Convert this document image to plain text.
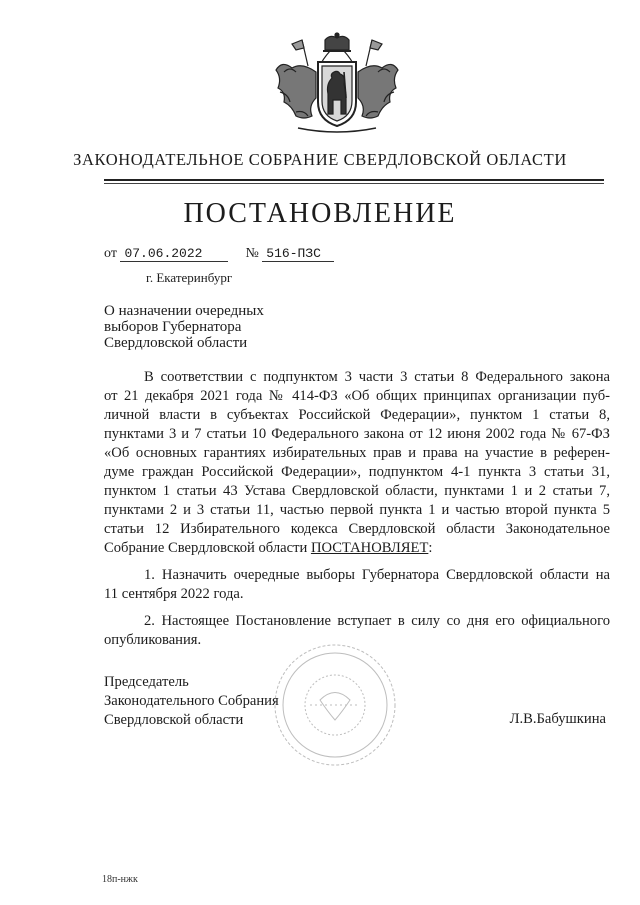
ЗАКОНОДАТЕЛЬНОЕ СОБРАНИЕ СВЕРДЛОВСКОЙ ОБЛАСТИ
ПОСТАНОВЛЕНИЕ
от 07.06.2022	№ 516-ПЗС
г. Екатеринбург
О назначении очередных
выборов Губернатора
Свердловской области
В соответствии с подпунктом 3 части 3 статьи 8 Федерального закона
от 21 декабря 2021 года № 414-ФЗ «Об общих принципах организации пуб-
личной власти в субъектах Российской Федерации», пунктом 1 статьи 8,
пунктами 3 и 7 статьи 10 Федерального закона от 12 июня 2002 года № 67-ФЗ
«Об основных гарантиях избирательных прав и права на участие в референ-
думе граждан Российской Федерации», подпунктом 4-1 пункта 3 статьи 31,
пунктом 1 статьи 43 Устава Свердловской области, пунктами 1 и 2 статьи 7,
пунктами 2 и 3 статьи 11, частью первой пункта 1 и частью второй пункта 5
статьи 12 Избирательного кодекса Свердловской области Законодательное
Собрание Свердловской области ПОСТАНОВЛЯЕТ:
1. Назначить очередные выборы Губернатора Свердловской области на
11 сентября 2022 года.
2. Настоящее Постановление вступает в силу со дня его официального
опубликования.
Председатель
Законодательного Собрания
Свердловской области	Л.В.Бабушкина
18п-нжк
